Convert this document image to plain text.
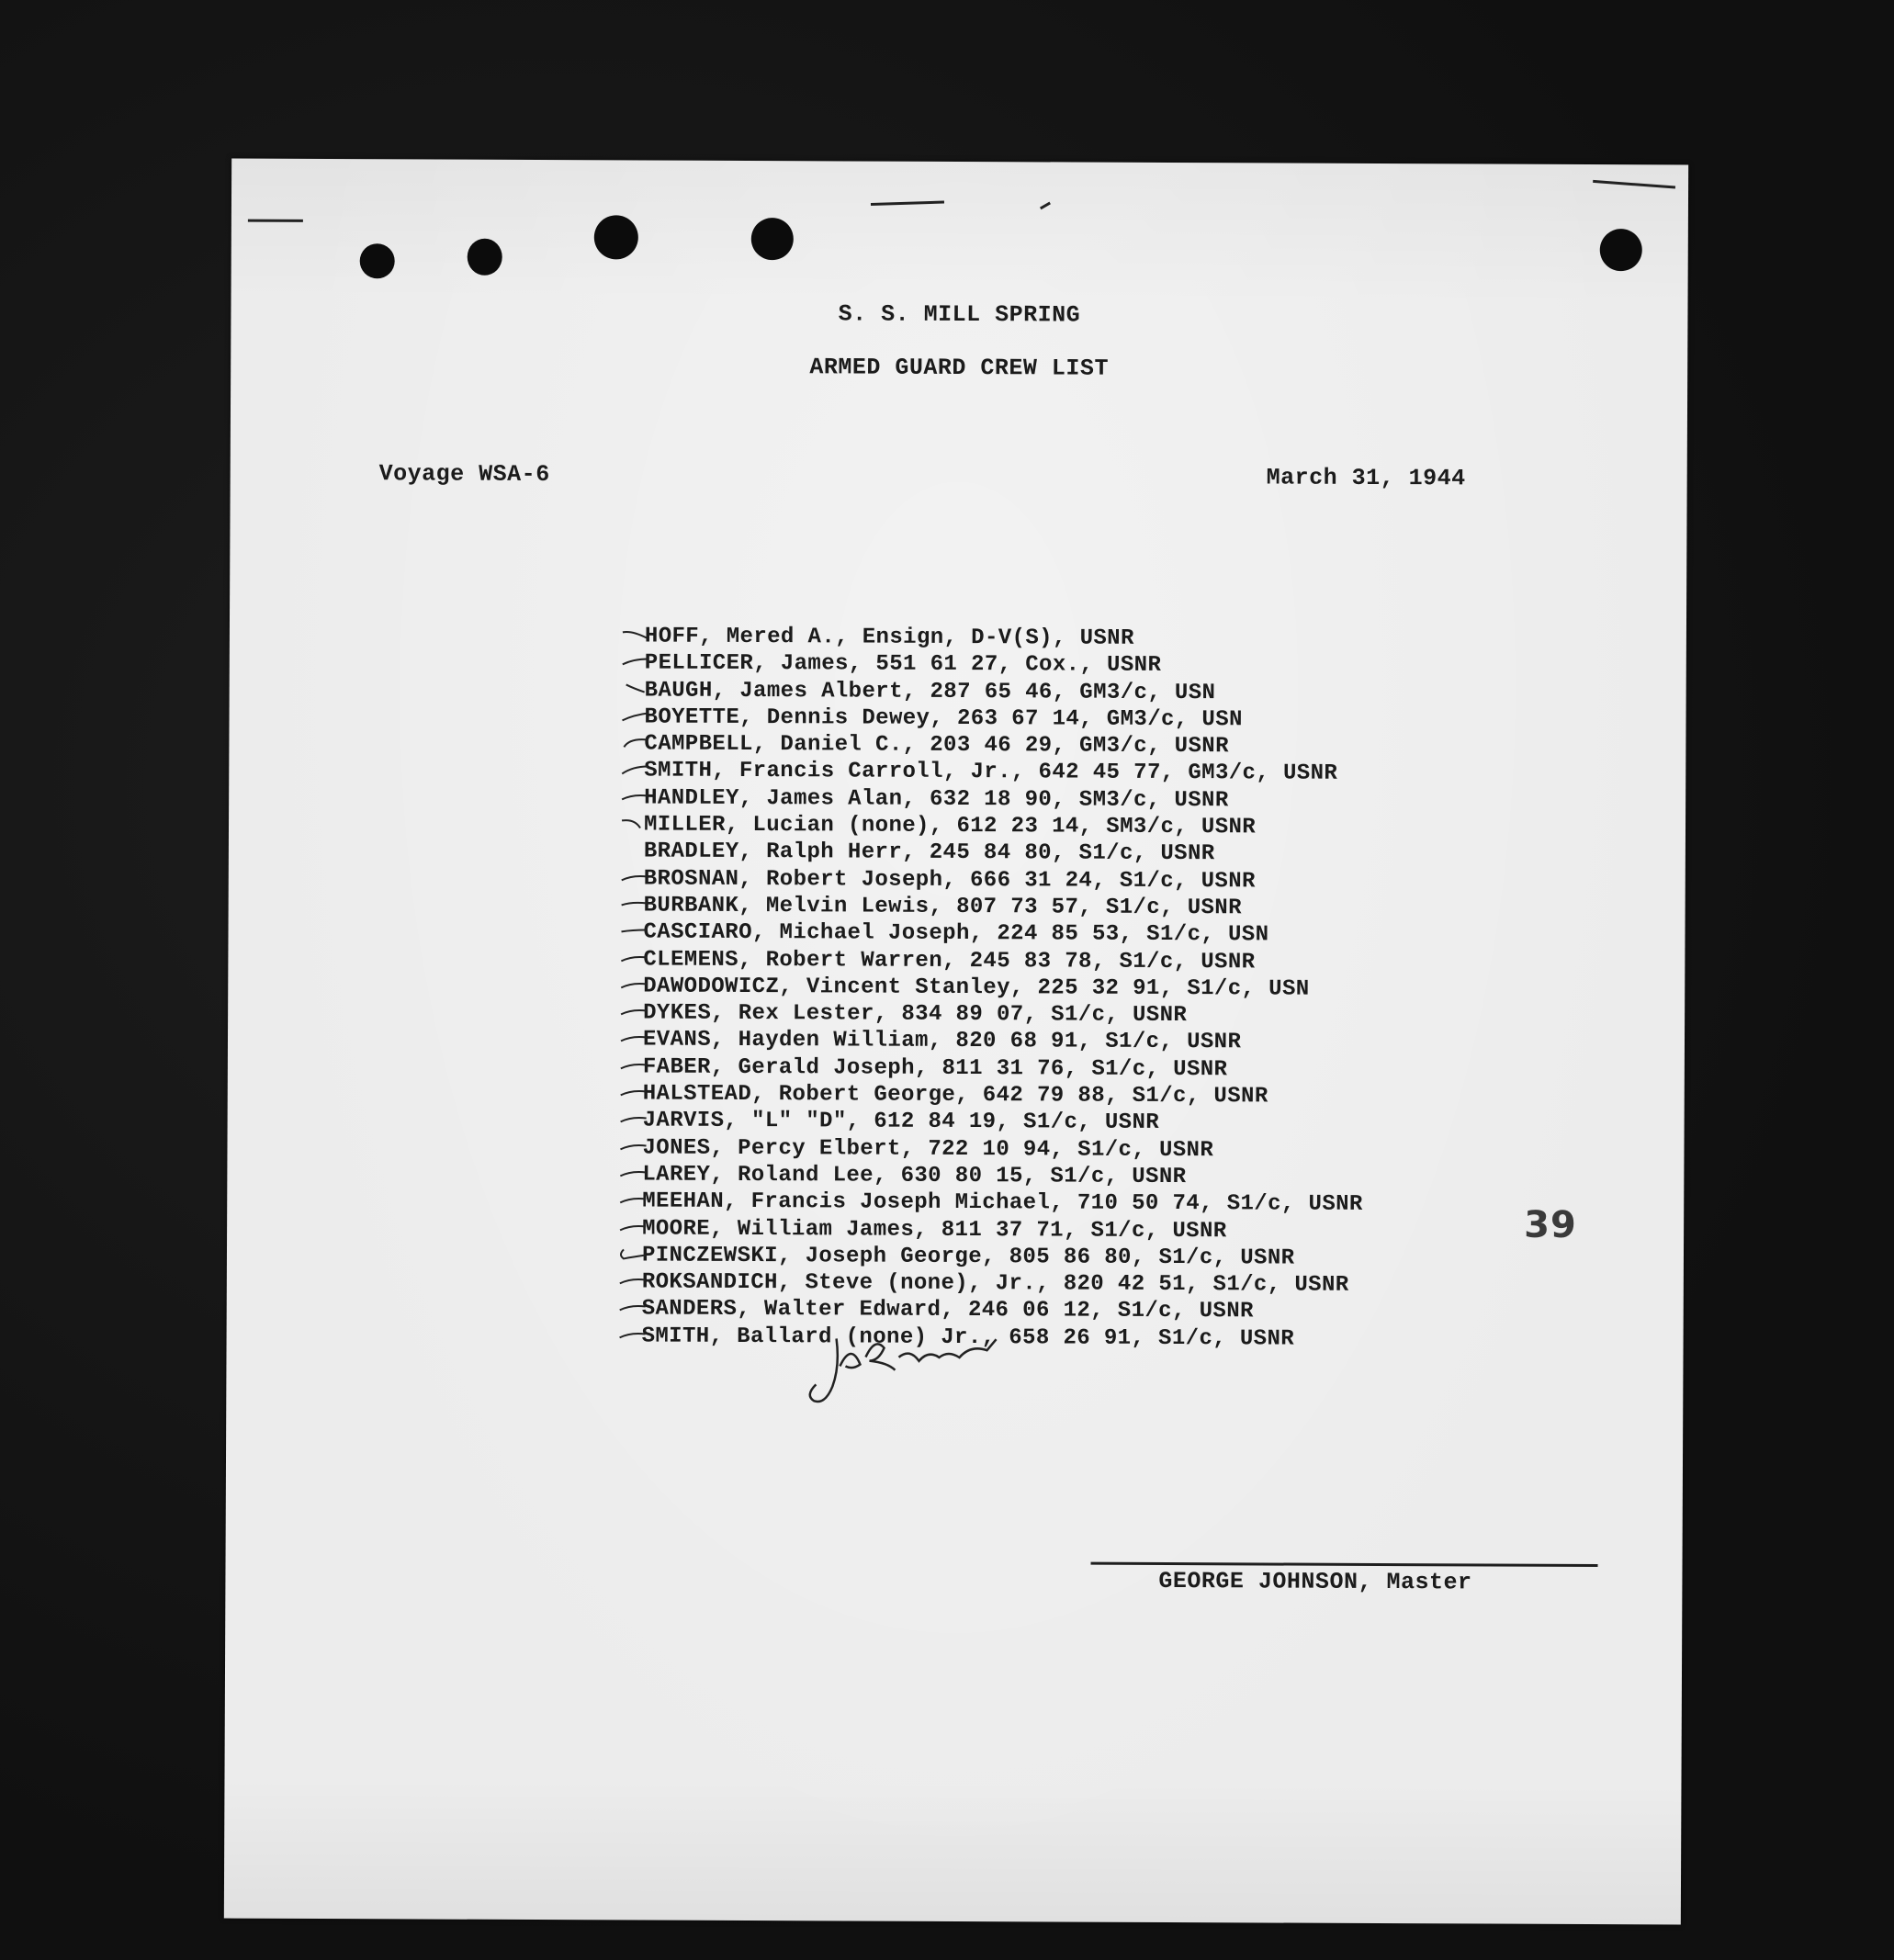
S. S. MILL SPRING
ARMED GUARD CREW LIST
Voyage WSA-6	March 31, 1944
HOFF, Mered A., Ensign, D-V(S), USNR
PELLICER, James, 551 61 27, Cox., USNR
BAUGH, James Albert, 287 65 46, GM3/c, USN
BOYETTE, Dennis Dewey, 263 67 14, GM3/c, USN
CAMPBELL, Daniel C., 203 46 29, GM3/c, USNR
SMITH, Francis Carroll, Jr., 642 45 77, GM3/c, USNR
HANDLEY, James Alan, 632 18 90, SM3/c, USNR
MILLER, Lucian (none), 612 23 14, SM3/c, USNR
BRADLEY, Ralph Herr, 245 84 80, S1/c, USNR
BROSNAN, Robert Joseph, 666 31 24, S1/c, USNR
BURBANK, Melvin Lewis, 807 73 57, S1/c, USNR
CASCIARO, Michael Joseph, 224 85 53, S1/c, USN
CLEMENS, Robert Warren, 245 83 78, S1/c, USNR
DAWODOWICZ, Vincent Stanley, 225 32 91, S1/c, USN
DYKES, Rex Lester, 834 89 07, S1/c, USNR
EVANS, Hayden William, 820 68 91, S1/c, USNR
FABER, Gerald Joseph, 811 31 76, S1/c, USNR
HALSTEAD, Robert George, 642 79 88, S1/c, USNR
JARVIS, "L" "D", 612 84 19, S1/c, USNR
JONES, Percy Elbert, 722 10 94, S1/c, USNR
LAREY, Roland Lee, 630 80 15, S1/c, USNR
MEEHAN, Francis Joseph Michael, 710 50 74, S1/c, USNR
MOORE, William James, 811 37 71, S1/c, USNR
PINCZEWSKI, Joseph George, 805 86 80, S1/c, USNR
ROKSANDICH, Steve (none), Jr., 820 42 51, S1/c, USNR
SANDERS, Walter Edward, 246 06 12, S1/c, USNR
SMITH, Ballard (none) Jr., 658 26 91, S1/c, USNR
39
GEORGE JOHNSON, Master
